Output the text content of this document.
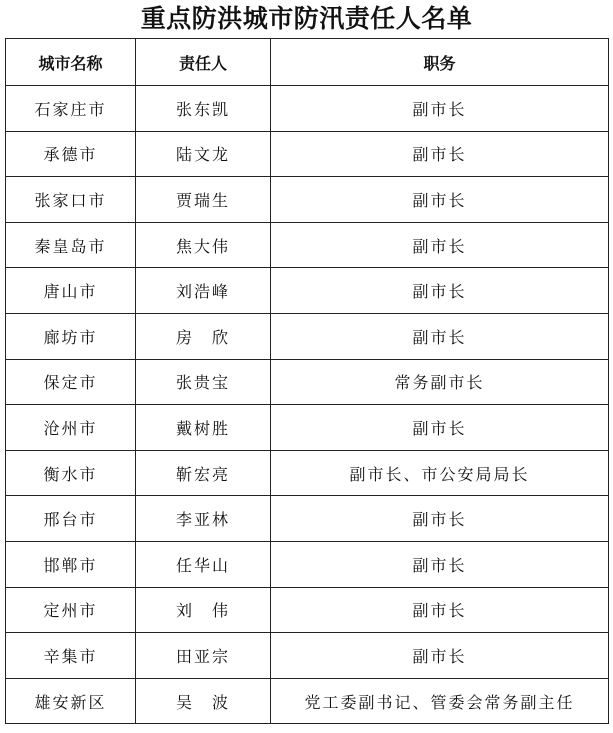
重点防洪城市防汛责任人名单
城市名称	责任人	职务
石家庄市	张东凯	副市长
承德市	陆文龙	副市长
张家口市	贾瑞生	副市长
秦皇岛市	焦大伟	副市长
唐山市	刘浩峰	副市长
廊坊市	房　欣	副市长
保定市	张贵宝	常务副市长
沧州市	戴树胜	副市长
衡水市	靳宏亮	副市长、市公安局局长
邢台市	李亚林	副市长
邯郸市	任华山	副市长
定州市	刘　伟	副市长
辛集市	田亚宗	副市长
雄安新区	吴　波	党工委副书记、管委会常务副主任
